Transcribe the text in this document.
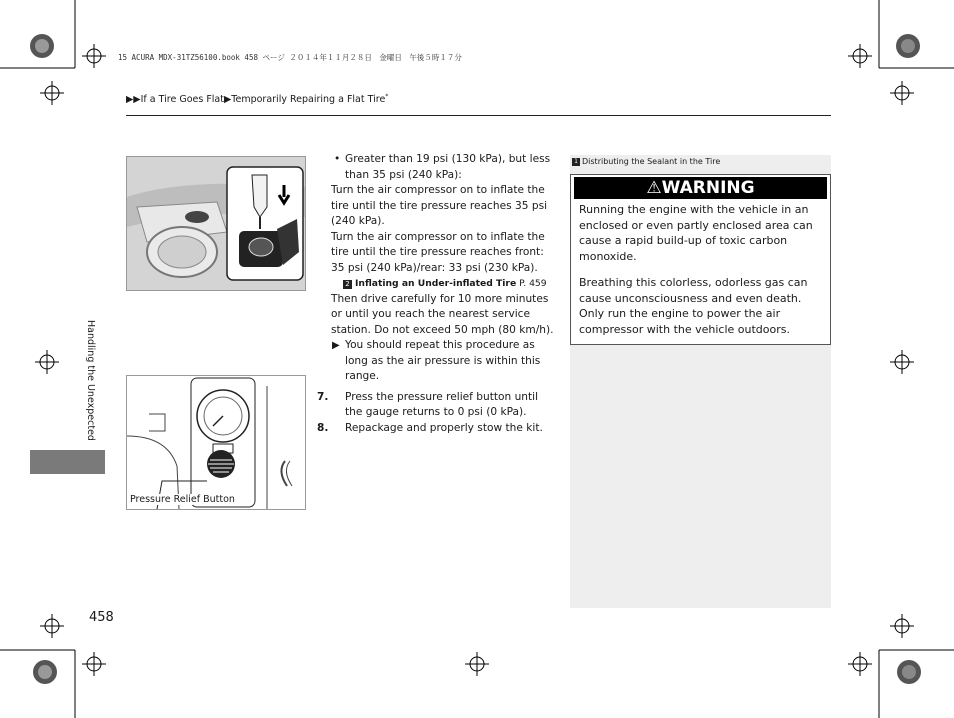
15 ACURA MDX-31TZ56100.book 458 ページ ２０１４年１１月２８日　金曜日　午後５時１７分
▶▶If a Tire Goes Flat▶Temporarily Repairing a Flat Tire*
Pressure Relief Button

• Greater than 19 psi (130 kPa), but less than 35 psi (240 kPa):

Turn the air compressor on to inflate the tire until the tire pressure reaches 35 psi (240 kPa).

Turn the air compressor on to inflate the tire until the tire pressure reaches front: 35 psi (240 kPa)/rear: 33 psi (230 kPa).

2 Inflating an Under-inflated Tire P. 459

Then drive carefully for 10 more minutes or until you reach the nearest service station. Do not exceed 50 mph (80 km/h).

▶ You should repeat this procedure as long as the air pressure is within this range.

7. Press the pressure relief button until the gauge returns to 0 psi (0 kPa).

8. Repackage and properly stow the kit.

1 Distributing the Sealant in the Tire
⚠WARNING

Running the engine with the vehicle in an enclosed or even partly enclosed area can cause a rapid build-up of toxic carbon monoxide.

Breathing this colorless, odorless gas can cause unconsciousness and even death. Only run the engine to power the air compressor with the vehicle outdoors.

Handling the Unexpected
458
